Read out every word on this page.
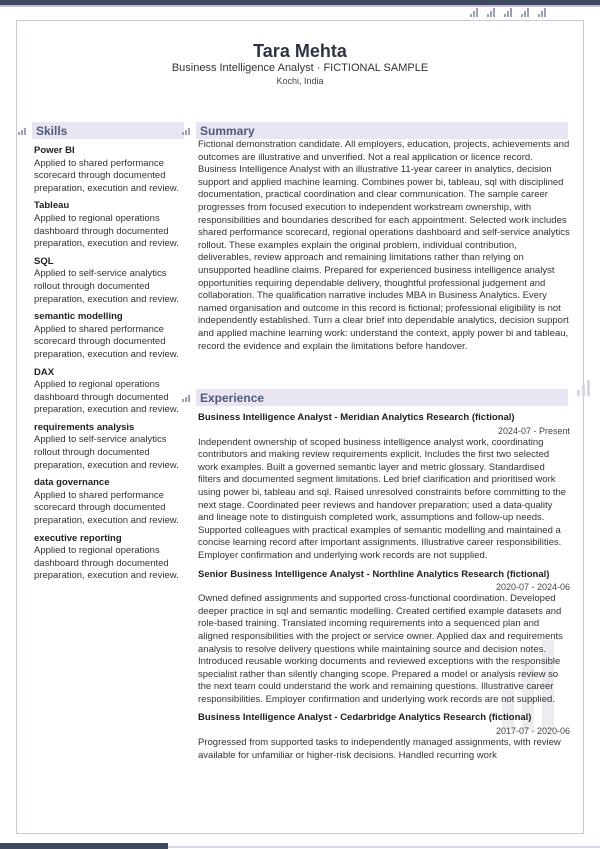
Tara Mehta
Business Intelligence Analyst · FICTIONAL SAMPLE
Kochi, India
Skills	Summary
Power BI
Applied to shared performance scorecard through documented preparation, execution and review.
Tableau
Applied to regional operations dashboard through documented preparation, execution and review.
SQL
Applied to self-service analytics rollout through documented preparation, execution and review.
semantic modelling
Applied to shared performance scorecard through documented preparation, execution and review.
DAX
Applied to regional operations dashboard through documented preparation, execution and review.
requirements analysis
Applied to self-service analytics rollout through documented preparation, execution and review.
data governance
Applied to shared performance scorecard through documented preparation, execution and review.
executive reporting
Applied to regional operations dashboard through documented preparation, execution and review.
Fictional demonstration candidate. All employers, education, projects, achievements and outcomes are illustrative and unverified. Not a real application or licence record. Business Intelligence Analyst with an illustrative 11-year career in analytics, decision support and applied machine learning. Combines power bi, tableau, sql with disciplined documentation, practical coordination and clear communication. The sample career progresses from focused execution to independent workstream ownership, with responsibilities and boundaries described for each appointment. Selected work includes shared performance scorecard, regional operations dashboard and self-service analytics rollout. These examples explain the original problem, individual contribution, deliverables, review approach and remaining limitations rather than relying on unsupported headline claims. Prepared for experienced business intelligence analyst opportunities requiring dependable delivery, thoughtful professional judgement and collaboration. The qualification narrative includes MBA in Business Analytics. Every named organisation and outcome in this record is fictional; professional eligibility is not independently established. Turn a clear brief into dependable analytics, decision support and applied machine learning work: understand the context, apply power bi and tableau, record the evidence and explain the limitations before handover.
Experience
Business Intelligence Analyst - Meridian Analytics Research (fictional)
2024-07 - Present
Independent ownership of scoped business intelligence analyst work, coordinating contributors and making review requirements explicit. Includes the first two selected work examples. Built a governed semantic layer and metric glossary. Standardised filters and documented segment limitations. Led brief clarification and prioritised work using power bi, tableau and sql. Raised unresolved constraints before committing to the next stage. Coordinated peer reviews and handover preparation; used a data-quality and lineage note to distinguish completed work, assumptions and follow-up needs. Supported colleagues with practical examples of semantic modelling and maintained a concise learning record after important assignments. Illustrative career responsibilities. Employer confirmation and underlying work records are not supplied.
Senior Business Intelligence Analyst - Northline Analytics Research (fictional)
2020-07 - 2024-06
Owned defined assignments and supported cross-functional coordination. Developed deeper practice in sql and semantic modelling. Created certified example datasets and role-based training. Translated incoming requirements into a sequenced plan and aligned responsibilities with the project or service owner. Applied dax and requirements analysis to resolve delivery questions while maintaining source and decision notes. Introduced reusable working documents and reviewed exceptions with the responsible specialist rather than silently changing scope. Prepared a model or analysis review so the next team could understand the work and remaining questions. Illustrative career responsibilities. Employer confirmation and underlying work records are not supplied.
Business Intelligence Analyst - Cedarbridge Analytics Research (fictional)
2017-07 - 2020-06
Progressed from supported tasks to independently managed assignments, with review available for unfamiliar or higher-risk decisions. Handled recurring work
